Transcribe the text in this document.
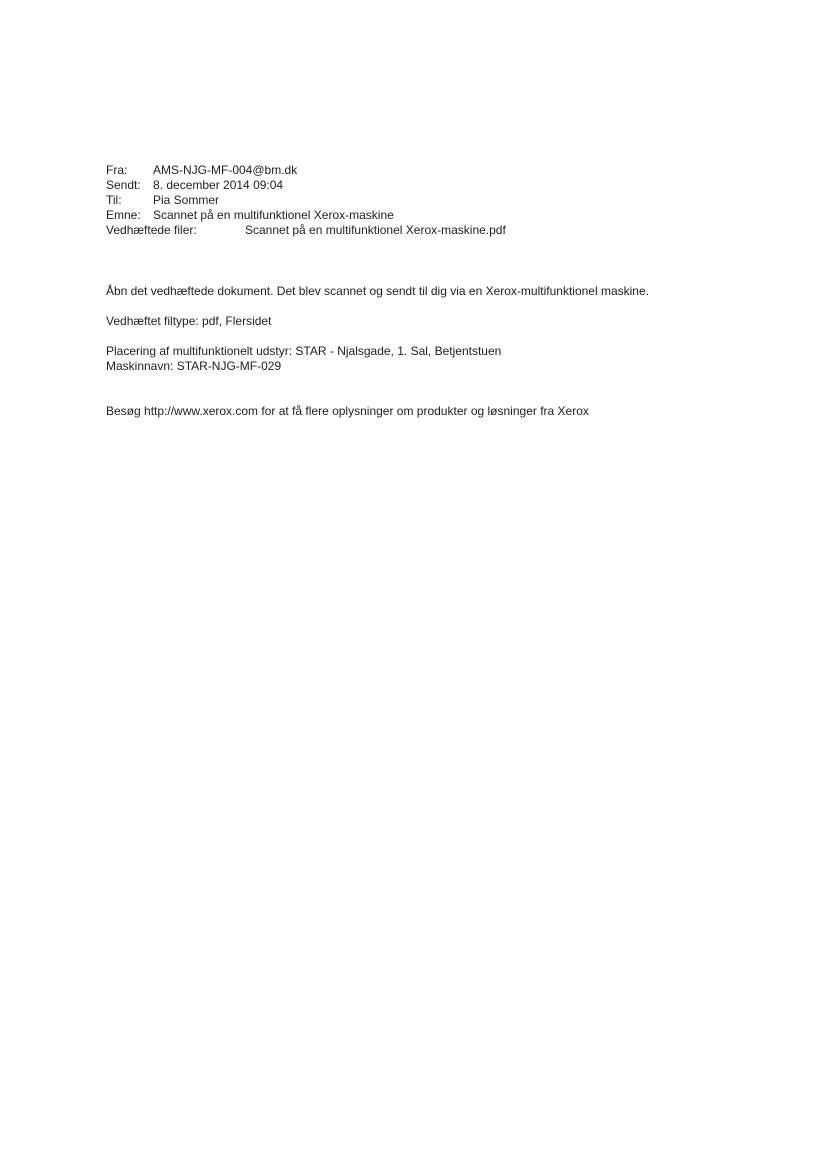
Fra:	AMS-NJG-MF-004@bm.dk
Sendt:	8. december 2014 09:04
Til:	Pia Sommer
Emne:	Scannet på en multifunktionel Xerox-maskine
Vedhæftede filer:	Scannet på en multifunktionel Xerox-maskine.pdf
Åbn det vedhæftede dokument. Det blev scannet og sendt til dig via en Xerox-multifunktionel maskine.
Vedhæftet filtype: pdf, Flersidet
Placering af multifunktionelt udstyr: STAR - Njalsgade, 1. Sal, Betjentstuen
Maskinnavn: STAR-NJG-MF-029
Besøg http://www.xerox.com for at få flere oplysninger om produkter og løsninger fra Xerox
